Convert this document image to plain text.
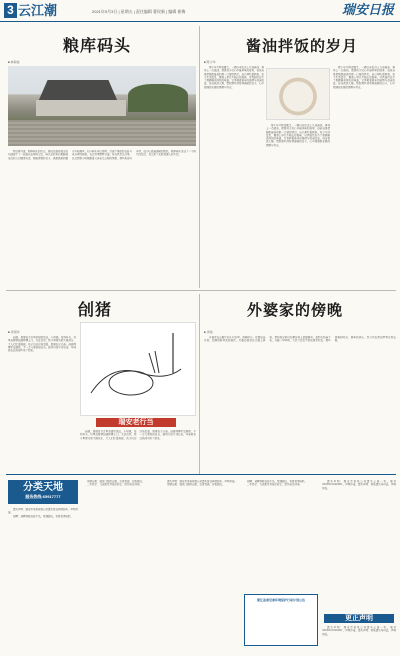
3 云江潮	2021年9月3日 | 星期五 | 责任编辑 曹钗新 | 编辑 崔梅	瑞安日报
粮库码头
■ 林海波

物以稀为贵，粮库码头的历史，曾经在瑞安城关的东面留下了一段难以忘却的记忆。码头边的青石板路被来往的人们踏得光滑，粮船停靠的日子，满是挑担的脚夫与吆喝声。如今码头早已停用，只留下斑驳的石阶与老仓库的轮廓，在江风里默默守望。每当我走过这里，总会想起小时候跟着父亲来交公粮的情景，那些热闹与辛劳，成为心底最温暖的底色。粮库码头见证了一个时代的变迁，也记录了无数普通人的生活。

酱油拌饭的岁月
■ 陈少华

那个年代物资匮乏，一碗白米饭浇上几滴酱油，再拌上一点猪油，便是孩子们心中最美味的佳肴。母亲总是把锅底最香的那一口留给我们，自己却吃着剩菜。如今生活富足，餐桌上早已不缺山珍海味，可我始终忘不了那碗酱油拌饭的味道，它承载着童年的温情与母亲的爱。每当夜深人静，想起那些清贫却温暖的日子，心中便涌起无限的感慨与怀念。

那个年代物资匮乏，一碗白米饭浇上几滴酱油，再拌上一点猪油，便是孩子们心中最美味的佳肴。母亲总是把锅底最香的那一口留给我们，自己却吃着剩菜。如今生活富足，餐桌上早已不缺山珍海味，可我始终忘不了那碗酱油拌饭的味道，它承载着童年的温情与母亲的爱。每当夜深人静，想起那些清贫却温暖的日子，心中便涌起无限的感慨与怀念。

那个年代物资匮乏，一碗白米饭浇上几滴酱油，再拌上一点猪油，便是孩子们心中最美味的佳肴。母亲总是把锅底最香的那一口留给我们，自己却吃着剩菜。如今生活富足，餐桌上早已不缺山珍海味，可我始终忘不了那碗酱油拌饭的味道，它承载着童年的温情与母亲的爱。每当夜深人静，想起那些清贫却温暖的日子，心中便涌起无限的感慨与怀念。

刣猪
■ 李国华

刣猪，是瑞安方言里杀猪的说法。小时候，每到年关，村里总要请刣猪师傅上门。天还没亮，院子里便支起大锅烧水，大人们忙着按猪，孩子们远远地看着，既害怕又兴奋。刣猪师傅手法娴熟，不一会儿便收拾妥当，猪肉分给左邻右舍，年味就在这热闹中浓了起来。

瑞安老行当

刣猪，是瑞安方言里杀猪的说法。小时候，每到年关，村里总要请刣猪师傅上门。天还没亮，院子里便支起大锅烧水，大人们忙着按猪，孩子们远远地看着，既害怕又兴奋。刣猪师傅手法娴熟，不一会儿便收拾妥当，猪肉分给左邻右舍，年味就在这热闹中浓了起来。

外婆家的傍晚
■ 余钱

外婆家在山脚下的小村庄里，傍晚时分，炊烟袅袅升起，田间的蛙声此起彼伏。外婆总是坐在门槛上择菜，我和表兄弟们在晒谷场上追逐嬉戏，直到天色暗下来，外婆一声呼唤，大家才恋恋不舍地回家吃饭。那些傍晚的时光，简单而快乐，至今仍在我的梦里反复出现。

分类天地
服务热线:65917777

遗失声明：瑞安市某某有限公司遗失营业执照副本，声明作废。

招聘：诚聘驾驶员若干名，待遇面议，有意者请电联。

房屋出租：城区门面房出租，位置优越，价格面议。

二手转让：九成新家具低价转让，联系电话详询。

遗失声明：瑞安市某某有限公司遗失营业执照副本，声明作废。

房屋出租：城区门面房出租，位置优越，价格面议。

招聘：诚聘驾驶员若干名，待遇面议，有意者请电联。

二手转让：九成新家具低价转让，联系电话详询。

浙江省委党委环境保护行动计划公告

遗失声明：瑞安市某某公司遗失公章一枚，编号3303810000001，声明作废。遗失声明：某某遗失身份证，声明作废。

更正声明

遗失声明：瑞安市某某公司遗失公章一枚，编号3303810000001，声明作废。遗失声明：某某遗失身份证，声明作废。
